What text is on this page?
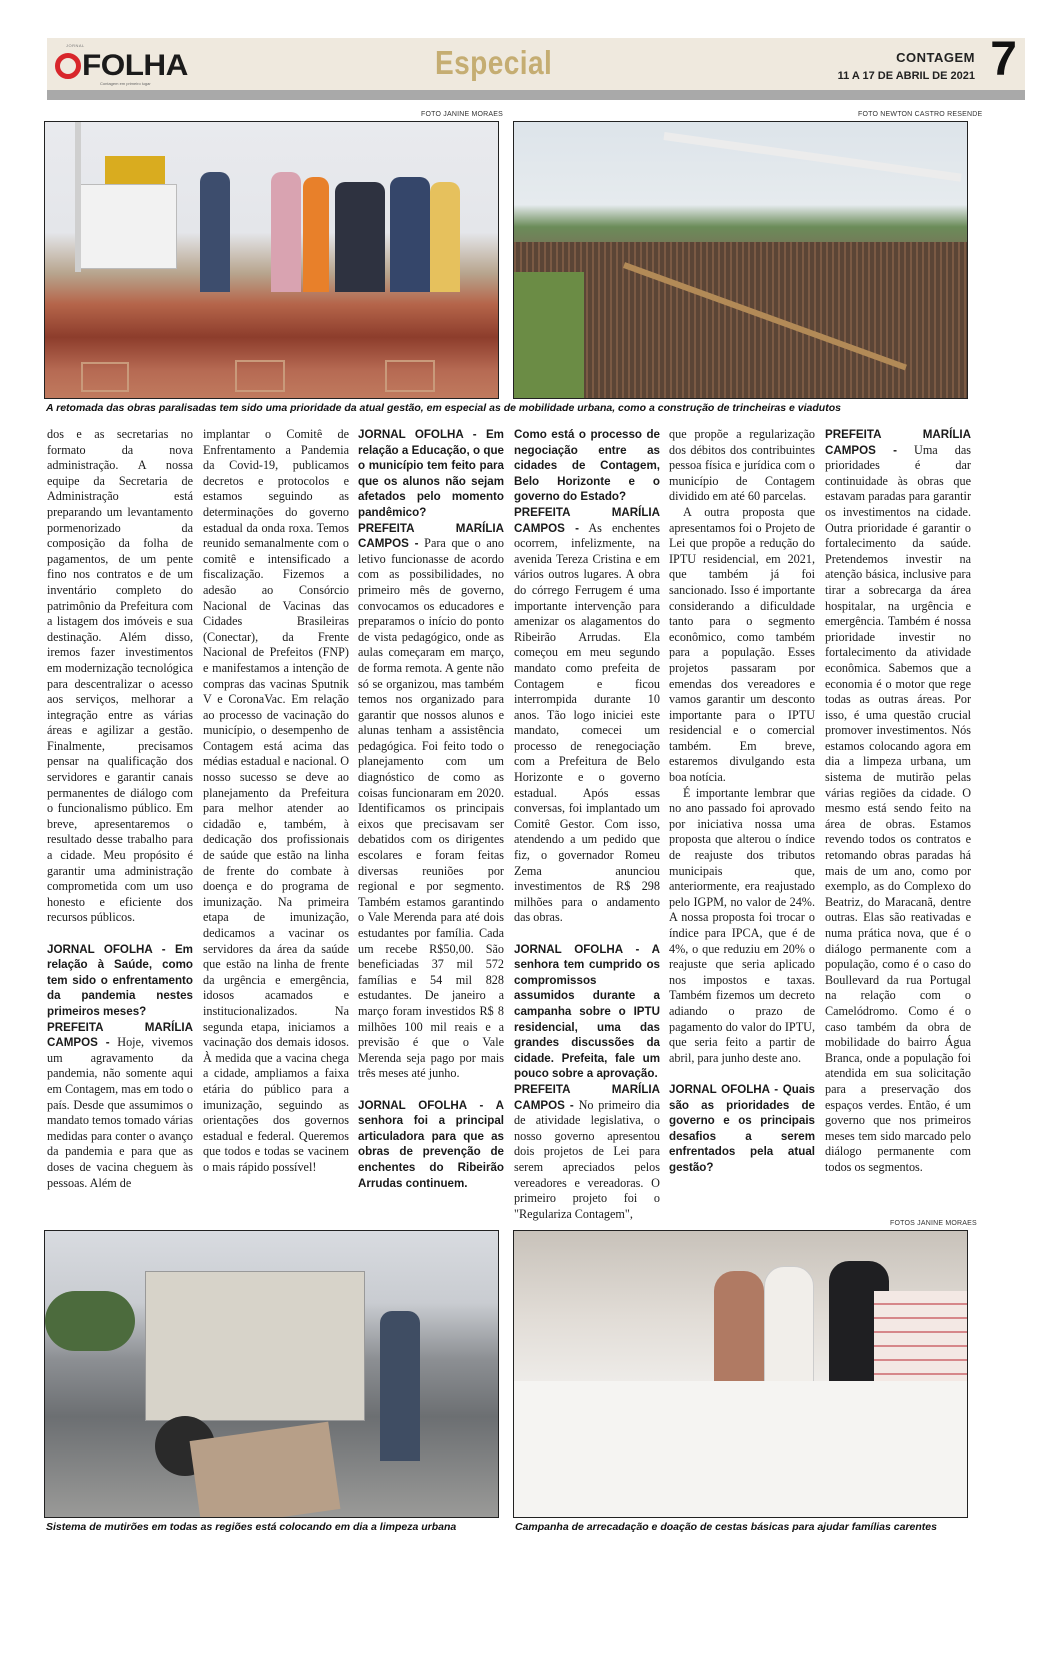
JORNAL
FOLHA
Contagem em primeiro lugar
Especial	CONTAGEM
11 A 17 DE ABRIL DE 2021 7
FOTO JANINE MORAES	FOTO NEWTON CASTRO RESENDE
A retomada das obras paralisadas tem sido uma prioridade da atual gestão, em especial as de mobilidade urbana, como a construção de trincheiras e viadutos

dos e as secretarias no formato da nova administração. A nossa equipe da Secretaria de Administração está preparando um levantamento pormenorizado da composição da folha de pagamentos, de um pente fino nos contratos e de um inventário completo do patrimônio da Prefeitura com a listagem dos imóveis e sua destinação. Além disso, iremos fazer investimentos em modernização tecnológica para descentralizar o acesso aos serviços, melhorar a integração entre as várias áreas e agilizar a gestão. Finalmente, precisamos pensar na qualificação dos servidores e garantir canais permanentes de diálogo com o funcionalismo público. Em breve, apresentaremos o resultado desse trabalho para a cidade. Meu propósito é garantir uma administração comprometida com um uso honesto e eficiente dos recursos públicos.

JORNAL OFOLHA - Em relação à Saúde, como tem sido o enfrentamento da pandemia nestes primeiros meses?

PREFEITA MARÍLIA CAMPOS - Hoje, vivemos um agravamento da pandemia, não somente aqui em Contagem, mas em todo o país. Desde que assumimos o mandato temos tomado várias medidas para conter o avanço da pandemia e para que as doses de vacina cheguem às pessoas. Além de

implantar o Comitê de Enfrentamento a Pandemia da Covid-19, publicamos decretos e protocolos e estamos seguindo as determinações do governo estadual da onda roxa. Temos reunido semanalmente com o comitê e intensificado a fiscalização. Fizemos a adesão ao Consórcio Nacional de Vacinas das Cidades Brasileiras (Conectar), da Frente Nacional de Prefeitos (FNP) e manifestamos a intenção de compras das vacinas Sputnik V e CoronaVac. Em relação ao processo de vacinação do município, o desempenho de Contagem está acima das médias estadual e nacional. O nosso sucesso se deve ao planejamento da Prefeitura para melhor atender ao cidadão e, também, à dedicação dos profissionais de saúde que estão na linha de frente do combate à doença e do programa de imunização. Na primeira etapa de imunização, dedicamos a vacinar os servidores da área da saúde que estão na linha de frente da urgência e emergência, idosos acamados e institucionalizados. Na segunda etapa, iniciamos a vacinação dos demais idosos. À medida que a vacina chega a cidade, ampliamos a faixa etária do público para a imunização, seguindo as orientações dos governos estadual e federal. Queremos que todos e todas se vacinem o mais rápido possível!

JORNAL OFOLHA - Em relação a Educação, o que o município tem feito para que os alunos não sejam afetados pelo momento pandêmico?

PREFEITA MARÍLIA CAMPOS - Para que o ano letivo funcionasse de acordo com as possibilidades, no primeiro mês de governo, convocamos os educadores e preparamos o início do ponto de vista pedagógico, onde as aulas começaram em março, de forma remota. A gente não só se organizou, mas também temos nos organizado para garantir que nossos alunos e alunas tenham a assistência pedagógica. Foi feito todo o planejamento com um diagnóstico de como as coisas funcionaram em 2020. Identificamos os principais eixos que precisavam ser debatidos com os dirigentes escolares e foram feitas diversas reuniões por regional e por segmento. Também estamos garantindo o Vale Merenda para até dois estudantes por família. Cada um recebe R$50,00. São beneficiadas 37 mil 572 famílias e 54 mil 828 estudantes. De janeiro a março foram investidos R$ 8 milhões 100 mil reais e a previsão é que o Vale Merenda seja pago por mais três meses até junho.

JORNAL OFOLHA - A senhora foi a principal articuladora para que as obras de prevenção de enchentes do Ribeirão Arrudas continuem.

Como está o processo de negociação entre as cidades de Contagem, Belo Horizonte e o governo do Estado?

PREFEITA MARÍLIA CAMPOS - As enchentes ocorrem, infelizmente, na avenida Tereza Cristina e em vários outros lugares. A obra do córrego Ferrugem é uma importante intervenção para amenizar os alagamentos do Ribeirão Arrudas. Ela começou em meu segundo mandato como prefeita de Contagem e ficou interrompida durante 10 anos. Tão logo iniciei este mandato, comecei um processo de renegociação com a Prefeitura de Belo Horizonte e o governo estadual. Após essas conversas, foi implantado um Comitê Gestor. Com isso, atendendo a um pedido que fiz, o governador Romeu Zema anunciou investimentos de R$ 298 milhões para o andamento das obras.

JORNAL OFOLHA - A senhora tem cumprido os compromissos assumidos durante a campanha sobre o IPTU residencial, uma das grandes discussões da cidade. Prefeita, fale um pouco sobre a aprovação.

PREFEITA MARÍLIA CAMPOS - No primeiro dia de atividade legislativa, o nosso governo apresentou dois projetos de Lei para serem apreciados pelos vereadores e vereadoras. O primeiro projeto foi o "Regulariza Contagem",

que propõe a regularização dos débitos dos contribuintes pessoa física e jurídica com o município de Contagem dividido em até 60 parcelas.

A outra proposta que apresentamos foi o Projeto de Lei que propõe a redução do IPTU residencial, em 2021, que também já foi sancionado. Isso é importante considerando a dificuldade tanto para o segmento econômico, como também para a população. Esses projetos passaram por emendas dos vereadores e vamos garantir um desconto importante para o IPTU residencial e o comercial também. Em breve, estaremos divulgando esta boa notícia.

É importante lembrar que no ano passado foi aprovado por iniciativa nossa uma proposta que alterou o índice de reajuste dos tributos municipais que, anteriormente, era reajustado pelo IGPM, no valor de 24%. A nossa proposta foi trocar o índice para IPCA, que é de 4%, o que reduziu em 20% o reajuste que seria aplicado nos impostos e taxas. Também fizemos um decreto adiando o prazo de pagamento do valor do IPTU, que seria feito a partir de abril, para junho deste ano.

JORNAL OFOLHA - Quais são as prioridades de governo e os principais desafios a serem enfrentados pela atual gestão?

PREFEITA MARÍLIA CAMPOS - Uma das prioridades é dar continuidade às obras que estavam paradas para garantir os investimentos na cidade. Outra prioridade é garantir o fortalecimento da saúde. Pretendemos investir na atenção básica, inclusive para tirar a sobrecarga da área hospitalar, na urgência e emergência. Também é nossa prioridade investir no fortalecimento da atividade econômica. Sabemos que a economia é o motor que rege todas as outras áreas. Por isso, é uma questão crucial promover investimentos. Nós estamos colocando agora em dia a limpeza urbana, um sistema de mutirão pelas várias regiões da cidade. O mesmo está sendo feito na área de obras. Estamos revendo todos os contratos e retomando obras paradas há mais de um ano, como por exemplo, as do Complexo do Beatriz, do Maracanã, dentre outras. Elas são reativadas e numa prática nova, que é o diálogo permanente com a população, como é o caso do Boullevard da rua Portugal na relação com o Camelódromo. Como é o caso também da obra de mobilidade do bairro Água Branca, onde a população foi atendida em sua solicitação para a preservação dos espaços verdes. Então, é um governo que nos primeiros meses tem sido marcado pelo diálogo permanente com todos os segmentos.

FOTOS JANINE MORAES
Sistema de mutirões em todas as regiões está colocando em dia a limpeza urbana	Campanha de arrecadação e doação de cestas básicas para ajudar famílias carentes
